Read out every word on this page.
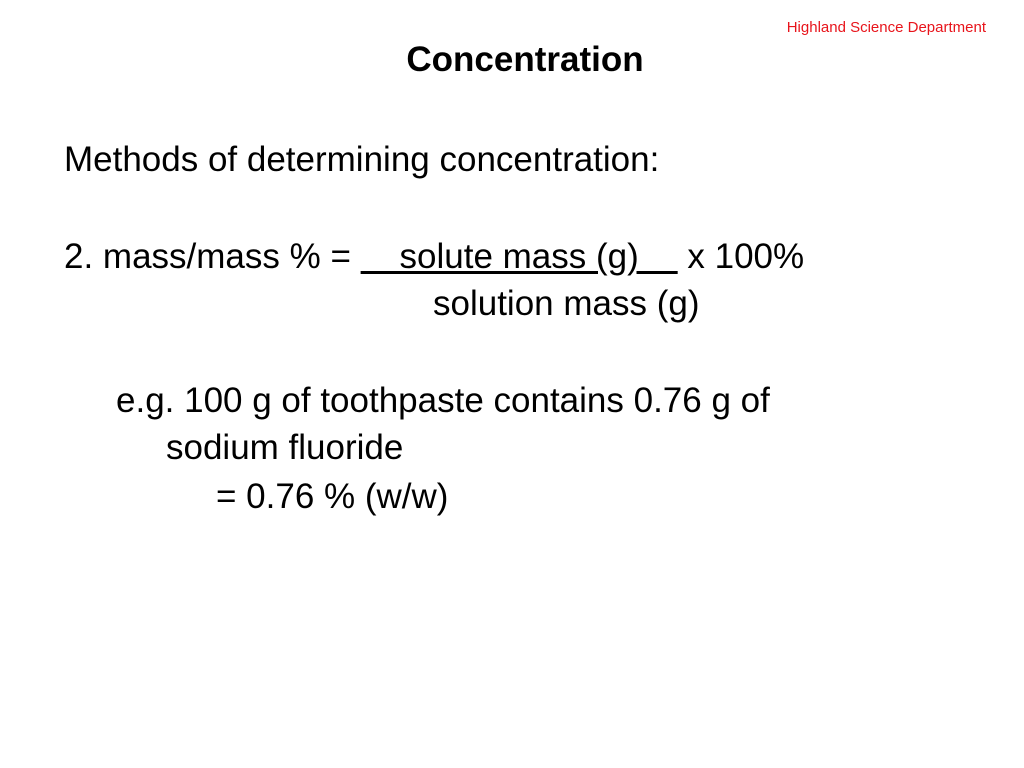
Highland Science Department
Concentration
Methods of determining concentration:
2. mass/mass % =     solute mass (g)     x 100%
solution mass (g)
e.g. 100 g of toothpaste contains 0.76 g of
sodium fluoride
= 0.76 % (w/w)
